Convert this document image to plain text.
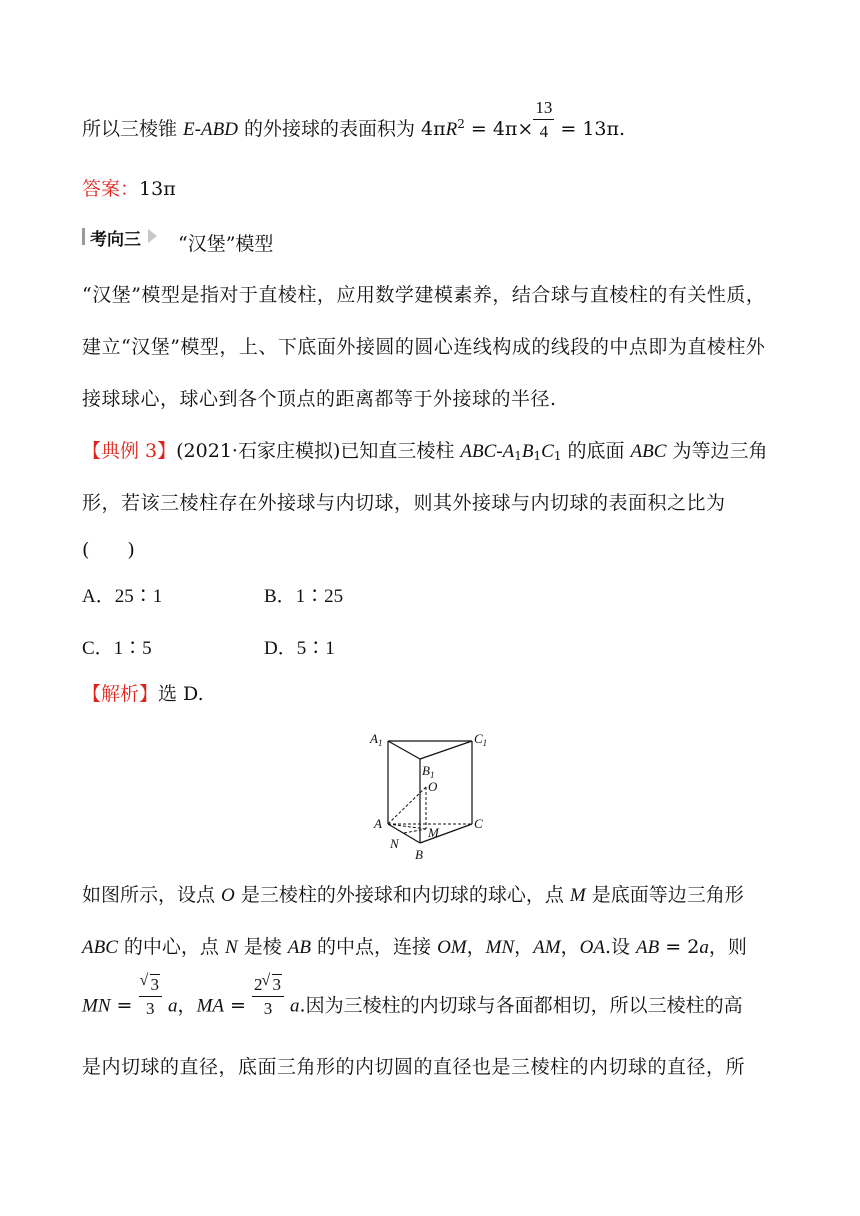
所以三棱锥 E-ABD 的外接球的表面积为 $4\pi R^2 = 4\pi\times \frac{13}{4} = 13\pi$.
答案：13π
考向三 “汉堡”模型
“汉堡”模型是指对于直棱柱，应用数学建模素养，结合球与直棱柱的有关性质，
建立“汉堡”模型，上、下底面外接圆的圆心连线构成的线段的中点即为直棱柱外
接球球心，球心到各个顶点的距离都等于外接球的半径.
【典例 3】(2021·石家庄模拟)已知直三棱柱 ABC-$A_1B_1C_1$ 的底面 ABC 为等边三角
形，若该三棱柱存在外接球与内切球，则其外接球与内切球的表面积之比为
(　　)
A．25∶1	B．1∶25
C．1∶5	D．5∶1
【解析】选 D.
$A_1$	$C_1$
$B_1$
O
A
M
C
N
B
如图所示，设点 O 是三棱柱的外接球和内切球的球心，点 M 是底面等边三角形
ABC 的中心，点 N 是棱 AB 的中点，连接 OM，MN，AM，OA.设 AB = 2a，则
MN = √ $\frac{3}{3}$ a，MA = $\frac{2 √ 3}{3} a$.因为三棱柱的内切球与各面都相切，所以三棱柱的高
是内切球的直径，底面三角形的内切圆的直径也是三棱柱的内切球的直径，所
